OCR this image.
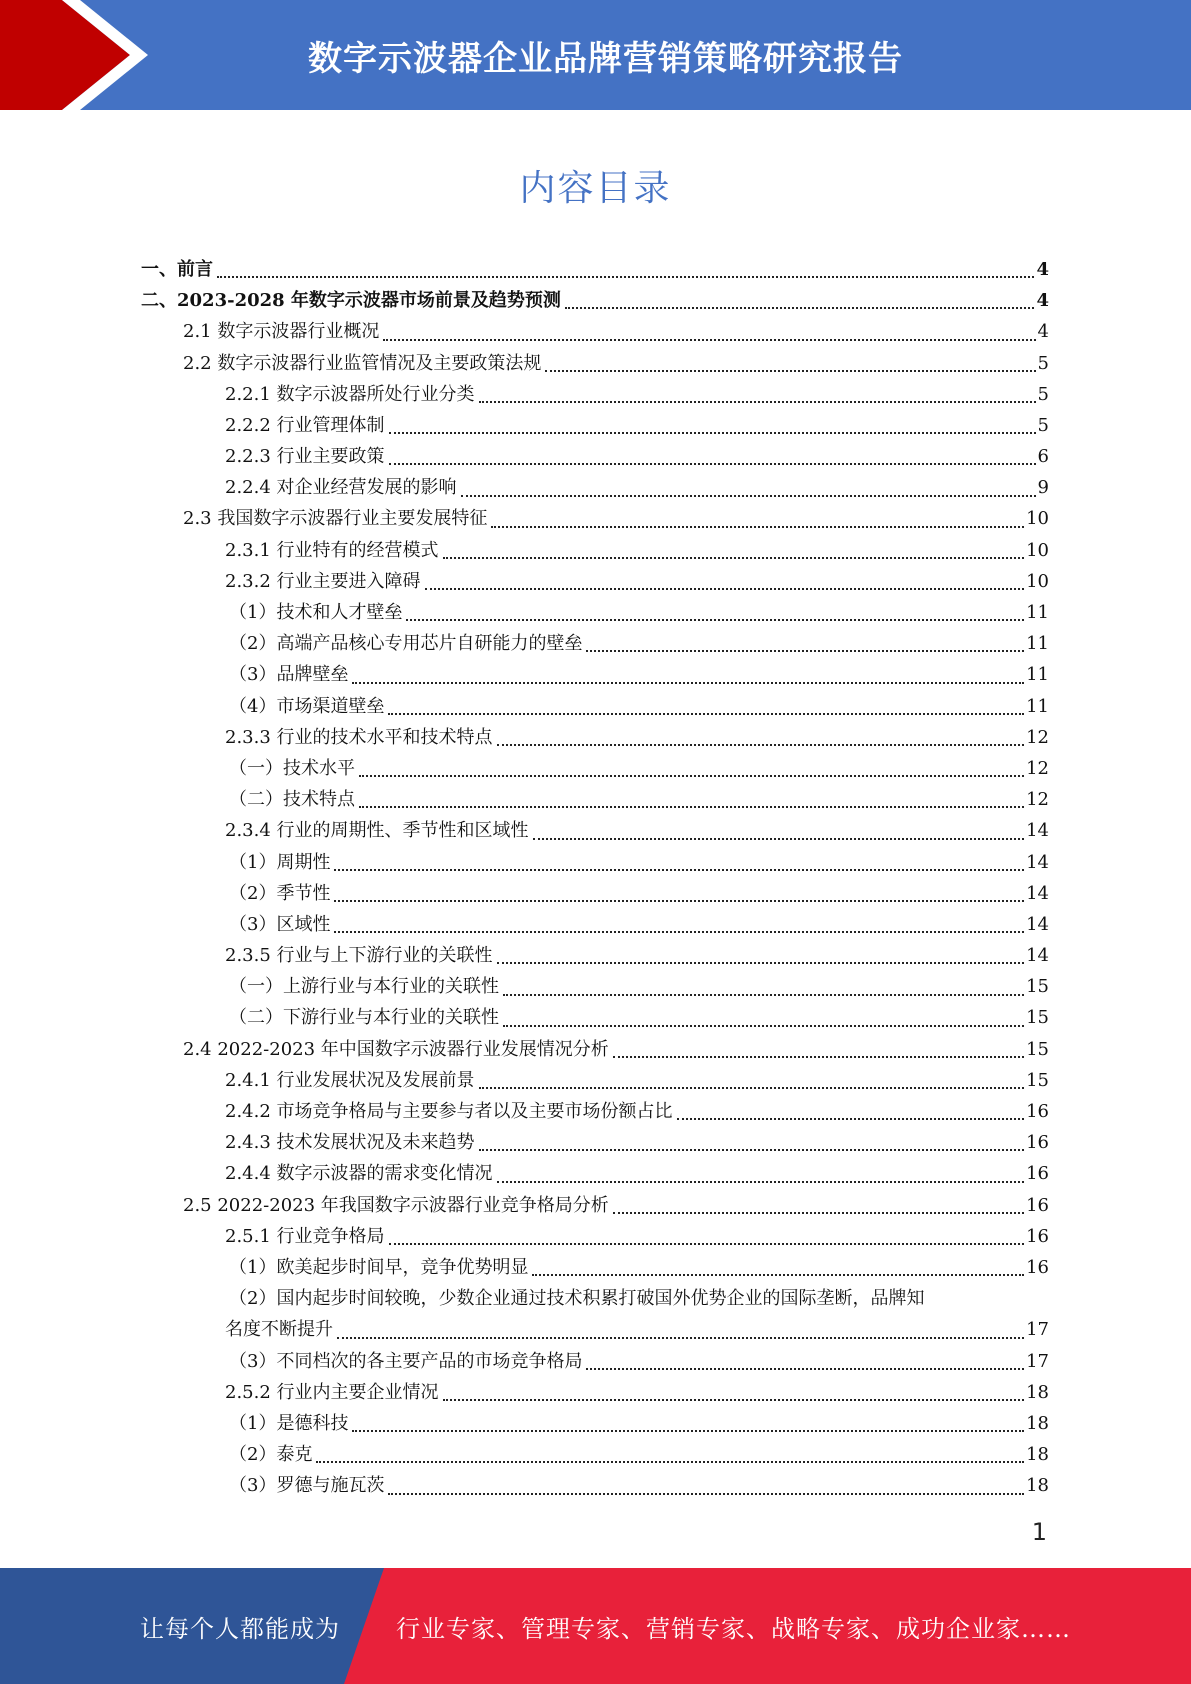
数字示波器企业品牌营销策略研究报告
内容目录
一、前言	4
二、2023-2028 年数字示波器市场前景及趋势预测	4
2.1 数字示波器行业概况	4
2.2 数字示波器行业监管情况及主要政策法规	5
2.2.1 数字示波器所处行业分类	5
2.2.2 行业管理体制	5
2.2.3 行业主要政策	6
2.2.4 对企业经营发展的影响	9
2.3 我国数字示波器行业主要发展特征	10
2.3.1 行业特有的经营模式	10
2.3.2 行业主要进入障碍	10
（1）技术和人才壁垒	11
（2）高端产品核心专用芯片自研能力的壁垒	11
（3）品牌壁垒	11
（4）市场渠道壁垒	11
2.3.3 行业的技术水平和技术特点	12
（一）技术水平	12
（二）技术特点	12
2.3.4 行业的周期性、季节性和区域性	14
（1）周期性	14
（2）季节性	14
（3）区域性	14
2.3.5 行业与上下游行业的关联性	14
（一）上游行业与本行业的关联性	15
（二）下游行业与本行业的关联性	15
2.4 2022-2023 年中国数字示波器行业发展情况分析	15
2.4.1 行业发展状况及发展前景	15
2.4.2 市场竞争格局与主要参与者以及主要市场份额占比	16
2.4.3 技术发展状况及未来趋势	16
2.4.4 数字示波器的需求变化情况	16
2.5 2022-2023 年我国数字示波器行业竞争格局分析	16
2.5.1 行业竞争格局	16
（1）欧美起步时间早，竞争优势明显	16
（2）国内起步时间较晚，少数企业通过技术积累打破国外优势企业的国际垄断，品牌知
名度不断提升	17
（3）不同档次的各主要产品的市场竞争格局	17
2.5.2 行业内主要企业情况	18
（1）是德科技	18
（2）泰克	18
（3）罗德与施瓦茨	18
1
让每个人都能成为 行业专家、管理专家、营销专家、战略专家、成功企业家……
